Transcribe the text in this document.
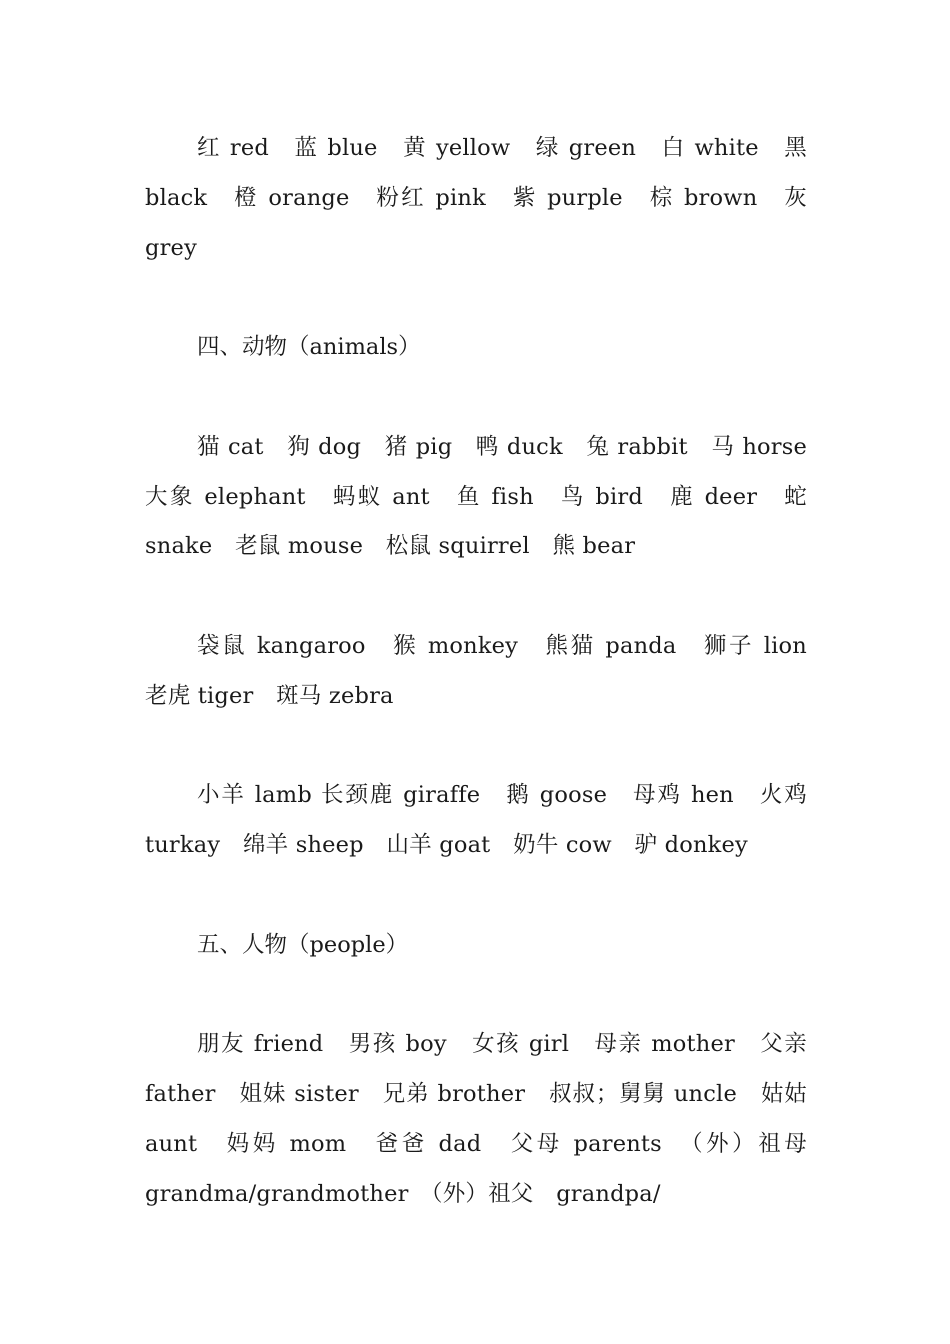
红 red　蓝 blue　黄 yellow　绿 green　白 white　黑 black　橙 orange　粉红 pink　紫 purple　棕 brown　灰 grey

四、动物（animals）

猫 cat　狗 dog　猪 pig　鸭 duck　兔 rabbit　马 horse　大象 elephant　蚂蚁 ant　鱼 fish　鸟 bird　鹿 deer　蛇 snake　老鼠 mouse　松鼠 squirrel　熊 bear

袋鼠 kangaroo　猴 monkey　熊猫 panda　狮子 lion　老虎 tiger　斑马 zebra

小羊 lamb 长颈鹿 giraffe　鹅 goose　母鸡 hen　火鸡 turkay　绵羊 sheep　山羊 goat　奶牛 cow　驴 donkey

五、人物（people）

朋友 friend　男孩 boy　女孩 girl　母亲 mother　父亲 father　姐妹 sister　兄弟 brother　叔叔；舅舅 uncle　姑姑 aunt　妈妈 mom　爸爸 dad　父母 parents　（外）祖母　grandma/grandmother　（外）祖父　grandpa/
